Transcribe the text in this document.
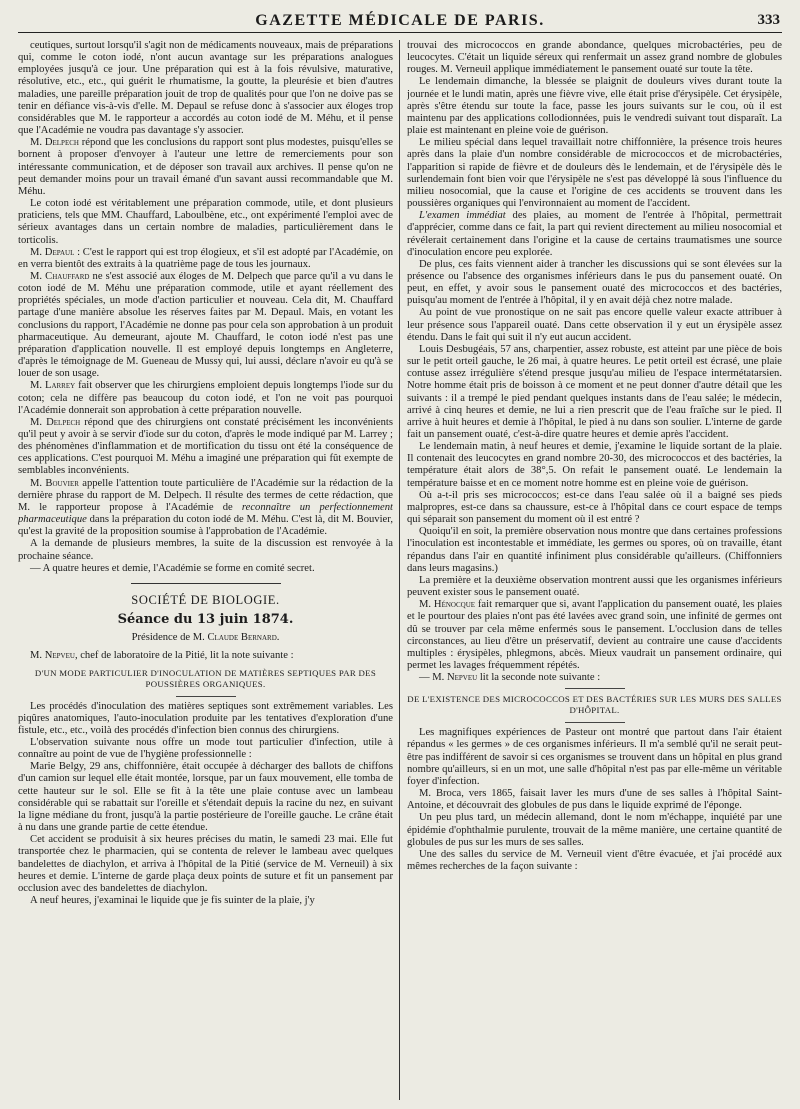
GAZETTE MÉDICALE DE PARIS.	333

ceutiques, surtout lorsqu'il s'agit non de médicaments nouveaux, mais de préparations qui, comme le coton iodé, n'ont aucun avantage sur les préparations analogues employées jusqu'à ce jour. Une préparation qui est à la fois révulsive, maturative, résolutive, etc., etc., qui guérit le rhumatisme, la goutte, la pleurésie et bien d'autres maladies, une pareille préparation jouit de trop de qualités pour que l'on ne doive pas se tenir en défiance vis-à-vis d'elle. M. Depaul se refuse donc à s'associer aux éloges trop considérables que M. le rapporteur a accordés au coton iodé de M. Méhu, et il pense que l'Académie ne voudra pas davantage s'y associer.

M. Delpech répond que les conclusions du rapport sont plus modestes, puisqu'elles se bornent à proposer d'envoyer à l'auteur une lettre de remerciements pour son intéressante communication, et de déposer son travail aux archives. Il pense qu'on ne peut demander moins pour un travail émané d'un savant aussi recommandable que M. Méhu.

Le coton iodé est véritablement une préparation commode, utile, et dont plusieurs praticiens, tels que MM. Chauffard, Laboulbène, etc., ont expérimenté l'emploi avec de sérieux avantages dans un certain nombre de maladies, particulièrement dans le torticolis.

M. Depaul : C'est le rapport qui est trop élogieux, et s'il est adopté par l'Académie, on en verra bientôt des extraits à la quatrième page de tous les journaux.

M. Chauffard ne s'est associé aux éloges de M. Delpech que parce qu'il a vu dans le coton iodé de M. Méhu une préparation commode, utile et ayant réellement des propriétés spéciales, un mode d'action particulier et nouveau. Cela dit, M. Chauffard partage d'une manière absolue les réserves faites par M. Depaul. Mais, en votant les conclusions du rapport, l'Académie ne donne pas pour cela son approbation à un produit pharmaceutique. Au demeurant, ajoute M. Chauffard, le coton iodé n'est pas une préparation d'application nouvelle. Il est employé depuis longtemps en Angleterre, d'après le témoignage de M. Gueneau de Mussy qui, lui aussi, déclare n'avoir eu qu'à se louer de son usage.

M. Larrey fait observer que les chirurgiens emploient depuis longtemps l'iode sur du coton; cela ne diffère pas beaucoup du coton iodé, et l'on ne voit pas pourquoi l'Académie donnerait son approbation à cette préparation nouvelle.

M. Delpech répond que des chirurgiens ont constaté précisément les inconvénients qu'il peut y avoir à se servir d'iode sur du coton, d'après le mode indiqué par M. Larrey ; des phénomènes d'inflammation et de mortification du tissu ont été la conséquence de ces applications. C'est pourquoi M. Méhu a imaginé une préparation qui fût exempte de semblables inconvénients.

M. Bouvier appelle l'attention toute particulière de l'Académie sur la rédaction de la dernière phrase du rapport de M. Delpech. Il résulte des termes de cette rédaction, que M. le rapporteur propose à l'Académie de reconnaître un perfectionnement pharmaceutique dans la préparation du coton iodé de M. Méhu. C'est là, dit M. Bouvier, qu'est la gravité de la proposition soumise à l'approbation de l'Académie.

A la demande de plusieurs membres, la suite de la discussion est renvoyée à la prochaine séance.

— A quatre heures et demie, l'Académie se forme en comité secret.

SOCIÉTÉ DE BIOLOGIE.

Séance du 13 juin 1874.

Présidence de M. Claude Bernard.

M. Nepveu, chef de laboratoire de la Pitié, lit la note suivante :

D'UN MODE PARTICULIER D'INOCULATION DE MATIÈRES SEPTIQUES PAR DES POUSSIÈRES ORGANIQUES.

Les procédés d'inoculation des matières septiques sont extrêmement variables. Les piqûres anatomiques, l'auto-inoculation produite par les tentatives d'exploration d'une fistule, etc., etc., voilà des procédés d'infection bien connus des chirurgiens.

L'observation suivante nous offre un mode tout particulier d'infection, utile à connaître au point de vue de l'hygiène professionnelle :

Marie Belgy, 29 ans, chiffonnière, était occupée à décharger des ballots de chiffons d'un camion sur lequel elle était montée, lorsque, par un faux mouvement, elle tomba de cette hauteur sur le sol. Elle se fit à la tête une plaie contuse avec un lambeau considérable qui se rabattait sur l'oreille et s'étendait depuis la racine du nez, en suivant la ligne médiane du front, jusqu'à la partie postérieure de l'oreille gauche. Le crâne était à nu dans une grande partie de cette étendue.

Cet accident se produisit à six heures précises du matin, le samedi 23 mai. Elle fut transportée chez le pharmacien, qui se contenta de relever le lambeau avec quelques bandelettes de diachylon, et arriva à l'hôpital de la Pitié (service de M. Verneuil) à six heures et demie. L'interne de garde plaça deux points de suture et fit un pansement par occlusion avec des bandelettes de diachylon.

A neuf heures, j'examinai le liquide que je fis suinter de la plaie, j'y

trouvai des micrococcos en grande abondance, quelques microbactéries, peu de leucocytes. C'était un liquide séreux qui renfermait un assez grand nombre de globules rouges. M. Verneuil applique immédiatement le pansement ouaté sur toute la tête.

Le lendemain dimanche, la blessée se plaignit de douleurs vives durant toute la journée et le lundi matin, après une fièvre vive, elle était prise d'érysipèle. Cet érysipèle, après s'être étendu sur toute la face, passe les jours suivants sur le cou, où il est maintenu par des applications collodionnées, puis le vendredi suivant tout disparaît. La plaie est maintenant en pleine voie de guérison.

Le milieu spécial dans lequel travaillait notre chiffonnière, la présence trois heures après dans la plaie d'un nombre considérable de micrococcos et de microbactéries, l'apparition si rapide de fièvre et de douleurs dès le lendemain, et de l'érysipèle dès le surlendemain font bien voir que l'érysipèle ne s'est pas développé là sous l'influence du milieu nosocomial, que la cause et l'origine de ces accidents se trouvent dans les poussières organiques qui l'environnaient au moment de l'accident.

L'examen immédiat des plaies, au moment de l'entrée à l'hôpital, permettrait d'apprécier, comme dans ce fait, la part qui revient directement au milieu nosocomial et révélerait certainement dans l'origine et la cause de certains traumatismes une source d'inoculation encore peu explorée.

De plus, ces faits viennent aider à trancher les discussions qui se sont élevées sur la présence ou l'absence des organismes inférieurs dans le pus du pansement ouaté. On peut, en effet, y avoir sous le pansement ouaté des micrococcos et des bactéries, puisqu'au moment de l'entrée à l'hôpital, il y en avait déjà chez notre malade.

Au point de vue pronostique on ne sait pas encore quelle valeur exacte attribuer à leur présence sous l'appareil ouaté. Dans cette observation il y eut un érysipèle assez étendu. Dans le fait qui suit il n'y eut aucun accident.

Louis Desbugéais, 57 ans, charpentier, assez robuste, est atteint par une pièce de bois sur le petit orteil gauche, le 26 mai, à quatre heures. Le petit orteil est écrasé, une plaie contuse assez irrégulière s'étend presque jusqu'au milieu de l'espace intermétatarsien. Notre homme était pris de boisson à ce moment et ne peut donner d'autre détail que les suivants : il a trempé le pied pendant quelques instants dans de l'eau salée; le médecin, arrivé à cinq heures et demie, ne lui a rien prescrit que de l'eau fraîche sur le pied. Il arrive à huit heures et demie à l'hôpital, le pied à nu dans son soulier. L'interne de garde fait un pansement ouaté, c'est-à-dire quatre heures et demie après l'accident.

Le lendemain matin, à neuf heures et demie, j'examine le liquide sortant de la plaie. Il contenait des leucocytes en grand nombre 20-30, des micrococcos et des bactéries, la température était alors de 38°,5. On refait le pansement ouaté. Le lendemain la température baisse et en ce moment notre homme est en pleine voie de guérison.

Où a-t-il pris ses micrococcos; est-ce dans l'eau salée où il a baigné ses pieds malpropres, est-ce dans sa chaussure, est-ce à l'hôpital dans ce court espace de temps qui séparait son pansement du moment où il est entré ?

Quoiqu'il en soit, la première observation nous montre que dans certaines professions l'inoculation est incontestable et immédiate, les germes ou spores, où on travaille, étant répandus dans l'air en quantité infiniment plus considérable qu'ailleurs. (Chiffonniers dans leurs magasins.)

La première et la deuxième observation montrent aussi que les organismes inférieurs peuvent exister sous le pansement ouaté.

M. Hénocque fait remarquer que si, avant l'application du pansement ouaté, les plaies et le pourtour des plaies n'ont pas été lavées avec grand soin, une infinité de germes ont dû se trouver par cela même enfermés sous le pansement. L'occlusion dans de telles circonstances, au lieu d'être un préservatif, devient au contraire une cause d'accidents multiples : érysipèles, phlegmons, abcès. Mieux vaudrait un pansement ordinaire, qui permet les lavages fréquemment répétés.

— M. Nepveu lit la seconde note suivante :

DE L'EXISTENCE DES MICROCOCCOS ET DES BACTÉRIES SUR LES MURS DES SALLES D'HÔPITAL.

Les magnifiques expériences de Pasteur ont montré que partout dans l'air étaient répandus « les germes » de ces organismes inférieurs. Il m'a semblé qu'il ne serait peut-être pas indifférent de savoir si ces organismes se trouvent dans un hôpital en plus grand nombre qu'ailleurs, si en un mot, une salle d'hôpital n'est pas par elle-même un véritable foyer d'infection.

M. Broca, vers 1865, faisait laver les murs d'une de ses salles à l'hôpital Saint-Antoine, et découvrait des globules de pus dans le liquide exprimé de l'éponge.

Un peu plus tard, un médecin allemand, dont le nom m'échappe, inquiété par une épidémie d'ophthalmie purulente, trouvait de la même manière, une certaine quantité de globules de pus sur les murs de ses salles.

Une des salles du service de M. Verneuil vient d'être évacuée, et j'ai procédé aux mêmes recherches de la façon suivante :
